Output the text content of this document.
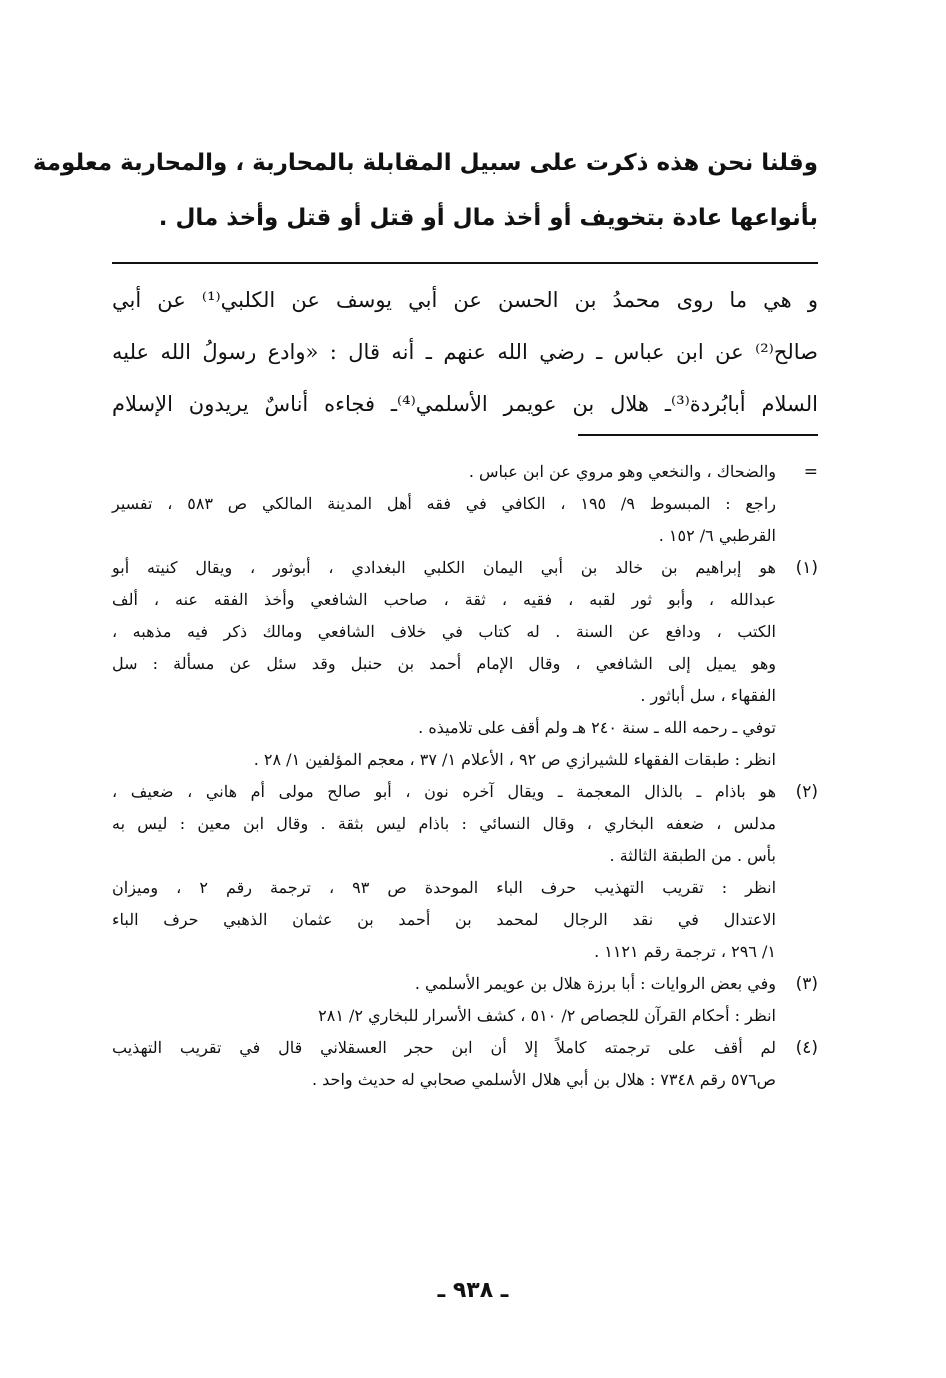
وقلنا نحن هذه ذكرت على سبيل المقابلة بالمحاربة ، والمحاربة معلومة
بأنواعها عادة بتخويف أو أخذ مال أو قتل أو قتل وأخذ مال .
و هي ما روى محمدُ بن الحسن عن أبي يوسف عن الكلبي⁽¹⁾ عن أبي
صالح⁽²⁾ عن ابن عباس ـ رضي الله عنهم ـ أنه قال : «وادع رسولُ الله عليه
السلام أبابُردة⁽³⁾ـ هلال بن عويمر الأسلمي⁽⁴⁾ـ فجاءه أناسٌ يريدون الإسلام
=
والضحاك ، والنخعي وهو مروي عن ابن عباس .
راجع : المبسوط ٩/ ١٩٥ ، الكافي في فقه أهل المدينة المالكي ص ٥٨٣ ، تفسير
القرطبي ٦/ ١٥٢ .
(١)
هو إبراهيم بن خالد بن أبي اليمان الكلبي البغدادي ، أبوثور ، ويقال كنيته أبو
عبدالله ، وأبو ثور لقبه ، فقيه ، ثقة ، صاحب الشافعي وأخذ الفقه عنه ، ألف
الكتب ، ودافع عن السنة . له كتاب في خلاف الشافعي ومالك ذكر فيه مذهبه ،
وهو يميل إلى الشافعي ، وقال الإمام أحمد بن حنبل وقد سئل عن مسألة : سل
الفقهاء ، سل أباثور .
توفي ـ رحمه الله ـ سنة ٢٤٠ هـ ولم أقف على تلاميذه .
انظر : طبقات الفقهاء للشيرازي ص ٩٢ ، الأعلام ١/ ٣٧ ، معجم المؤلفين ١/ ٢٨ .
(٢)
هو باذام ـ بالذال المعجمة ـ ويقال آخره نون ، أبو صالح مولى أم هاني ، ضعيف ،
مدلس ، ضعفه البخاري ، وقال النسائي : باذام ليس بثقة . وقال ابن معين : ليس به
بأس . من الطبقة الثالثة .
انظر : تقريب التهذيب حرف الباء الموحدة ص ٩٣ ، ترجمة رقم ٢ ، وميزان
الاعتدال في نقد الرجال لمحمد بن أحمد بن عثمان الذهبي حرف الباء
١/ ٢٩٦ ، ترجمة رقم ١١٢١ .
(٣)
وفي بعض الروايات : أبا برزة هلال بن عويمر الأسلمي .
انظر : أحكام القرآن للجصاص ٢/ ٥١٠ ، كشف الأسرار للبخاري ٢/ ٢٨١
(٤)
لم أقف على ترجمته كاملاً إلا أن ابن حجر العسقلاني قال في تقريب التهذيب
ص٥٧٦ رقم ٧٣٤٨ : هلال بن أبي هلال الأسلمي صحابي له حديث واحد .
ـ ٩٣٨ ـ
